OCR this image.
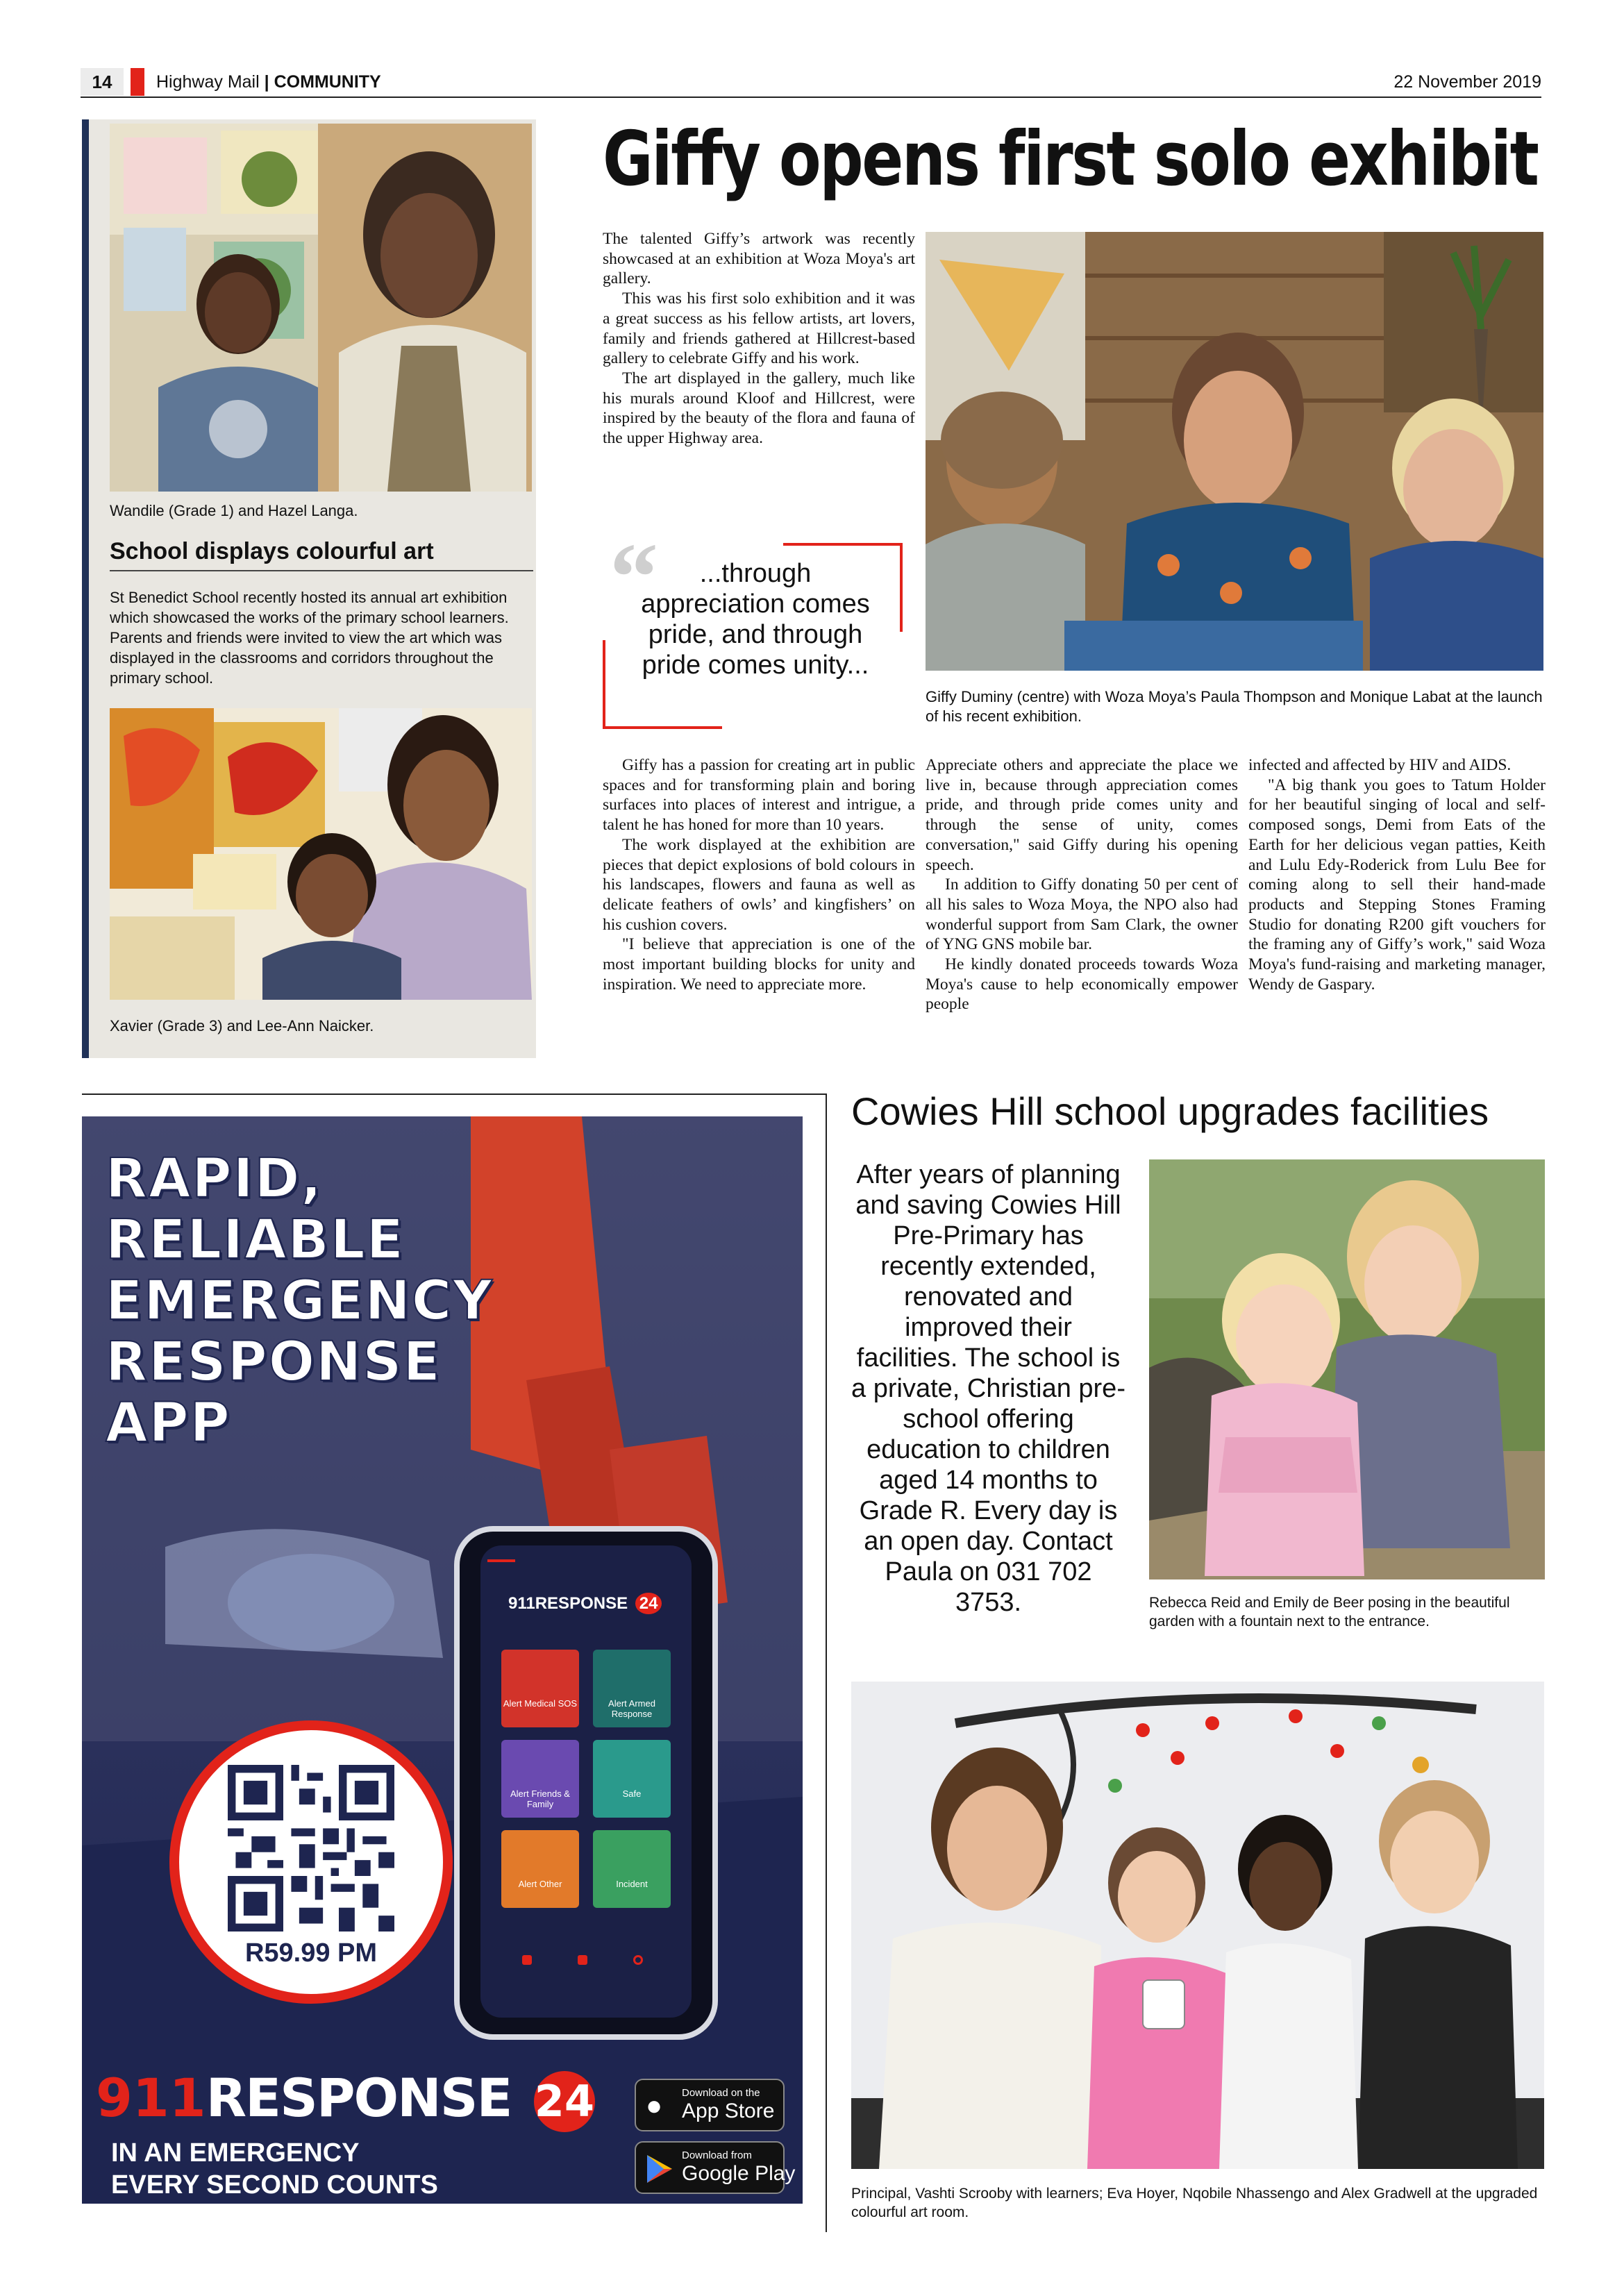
14	Highway Mail | COMMUNITY	22 November 2019
Wandile (Grade 1) and Hazel Langa.
School displays colourful art
St Benedict School recently hosted its annual art exhibition which showcased the works of the primary school learners. Parents and friends were invited to view the art which was displayed in the classrooms and corridors throughout the primary school.
Xavier (Grade 3) and Lee-Ann Naicker.
Giffy opens first solo exhibit

The talented Giffy’s artwork was recently showcased at an exhibition at Woza Moya's art gallery.

This was his first solo exhibition and it was a great success as his fellow artists, art lovers, family and friends gathered at Hillcrest-based gallery to celebrate Giffy and his work.

The art displayed in the gallery, much like his murals around Kloof and Hillcrest, were inspired by the beauty of the flora and fauna of the upper Highway area.

“	...through appreciation comes pride, and through pride comes unity...
Giffy Duminy (centre) with Woza Moya’s Paula Thompson and Monique Labat at the launch of his recent exhibition.

Giffy has a passion for creating art in public spaces and for transforming plain and boring surfaces into places of interest and intrigue, a talent he has honed for more than 10 years.

The work displayed at the exhibition are pieces that depict explosions of bold colours in his landscapes, flowers and fauna as well as delicate feathers of owls’ and kingfishers’ on his cushion covers.

"I believe that appreciation is one of the most important building blocks for unity and inspiration. We need to appreciate more.

Appreciate others and appreciate the place we live in, because through appreciation comes pride, and through pride comes unity and through the sense of unity, comes conversation," said Giffy during his opening speech.

In addition to Giffy donating 50 per cent of all his sales to Woza Moya, the NPO also had wonderful support from Sam Clark, the owner of YNG GNS mobile bar.

He kindly donated proceeds towards Woza Moya's cause to help economically empower people

infected and affected by HIV and AIDS.

"A big thank you goes to Tatum Holder for her beautiful singing of local and self-composed songs, Demi from Eats of the Earth for her delicious vegan patties, Keith and Lulu Edy-Roderick from Lulu Bee for coming along to sell their hand-made products and Stepping Stones Framing Studio for donating R200 gift vouchers for the framing any of Giffy’s work," said Woza Moya's fund-raising and marketing manager, Wendy de Gaspary.

RAPID,
RELIABLE
EMERGENCY
RESPONSE
APP
911RESPONSE 24
Alert Medical SOS	Alert Armed Response
Alert Friends & Family
Safe
Alert Other	Incident
R59.99 PM
911RESPONSE 24
IN AN EMERGENCY
EVERY SECOND COUNTS
●	Download on the
App Store
Download from
Google Play
Cowies Hill school upgrades facilities
After years of planning and saving Cowies Hill Pre-Primary has recently extended, renovated and improved their facilities. The school is a private, Christian pre-school offering education to children aged 14 months to Grade R. Every day is an open day. Contact Paula on 031 702 3753.	Rebecca Reid and Emily de Beer posing in the beautiful garden with a fountain next to the entrance.
Principal, Vashti Scrooby with learners; Eva Hoyer, Nqobile Nhassengo and Alex Gradwell at the upgraded colourful art room.
